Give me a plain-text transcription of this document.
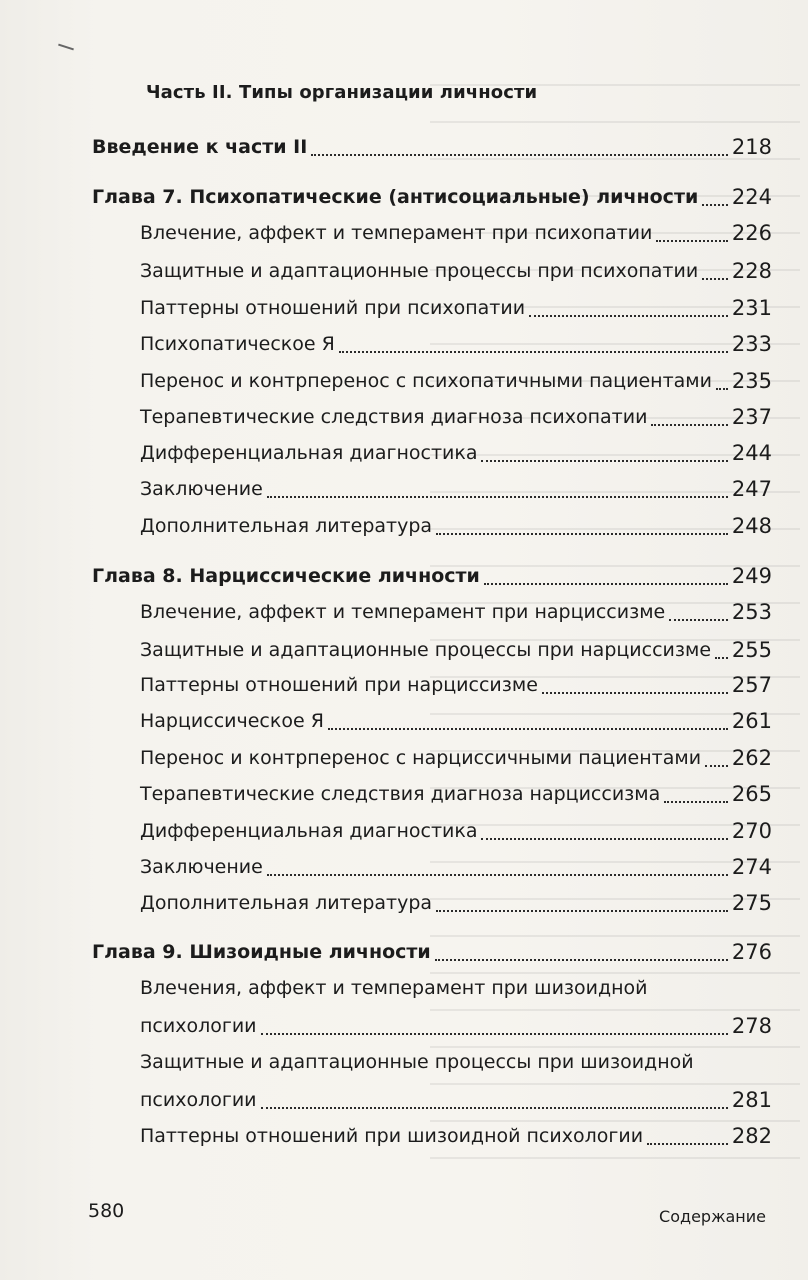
Часть II. Типы организации личности
Введение к части II	218
Глава 7. Психопатические (антисоциальные) личности 224
Влечение, аффект и темперамент при психопатии	226
Защитные и адаптационные процессы при психопатии 228
Паттерны отношений при психопатии	231
Психопатическое Я	233
Перенос и контрперенос с психопатичными пациентами 235
Терапевтические следствия диагноза психопатии	237
Дифференциальная диагностика	244
Заключение	247
Дополнительная литература	248
Глава 8. Нарциссические личности	249
Влечение, аффект и темперамент при нарциссизме	253
Защитные и адаптационные процессы при нарциссизме 255
Паттерны отношений при нарциссизме	257
Нарциссическое Я	261
Перенос и контрперенос с нарциссичными пациентами 262
Терапевтические следствия диагноза нарциссизма	265
Дифференциальная диагностика	270
Заключение	274
Дополнительная литература	275
Глава 9. Шизоидные личности	276
Влечения, аффект и темперамент при шизоидной
психологии	278
Защитные и адаптационные процессы при шизоидной
психологии	281
Паттерны отношений при шизоидной психологии	282
580	Содержание
